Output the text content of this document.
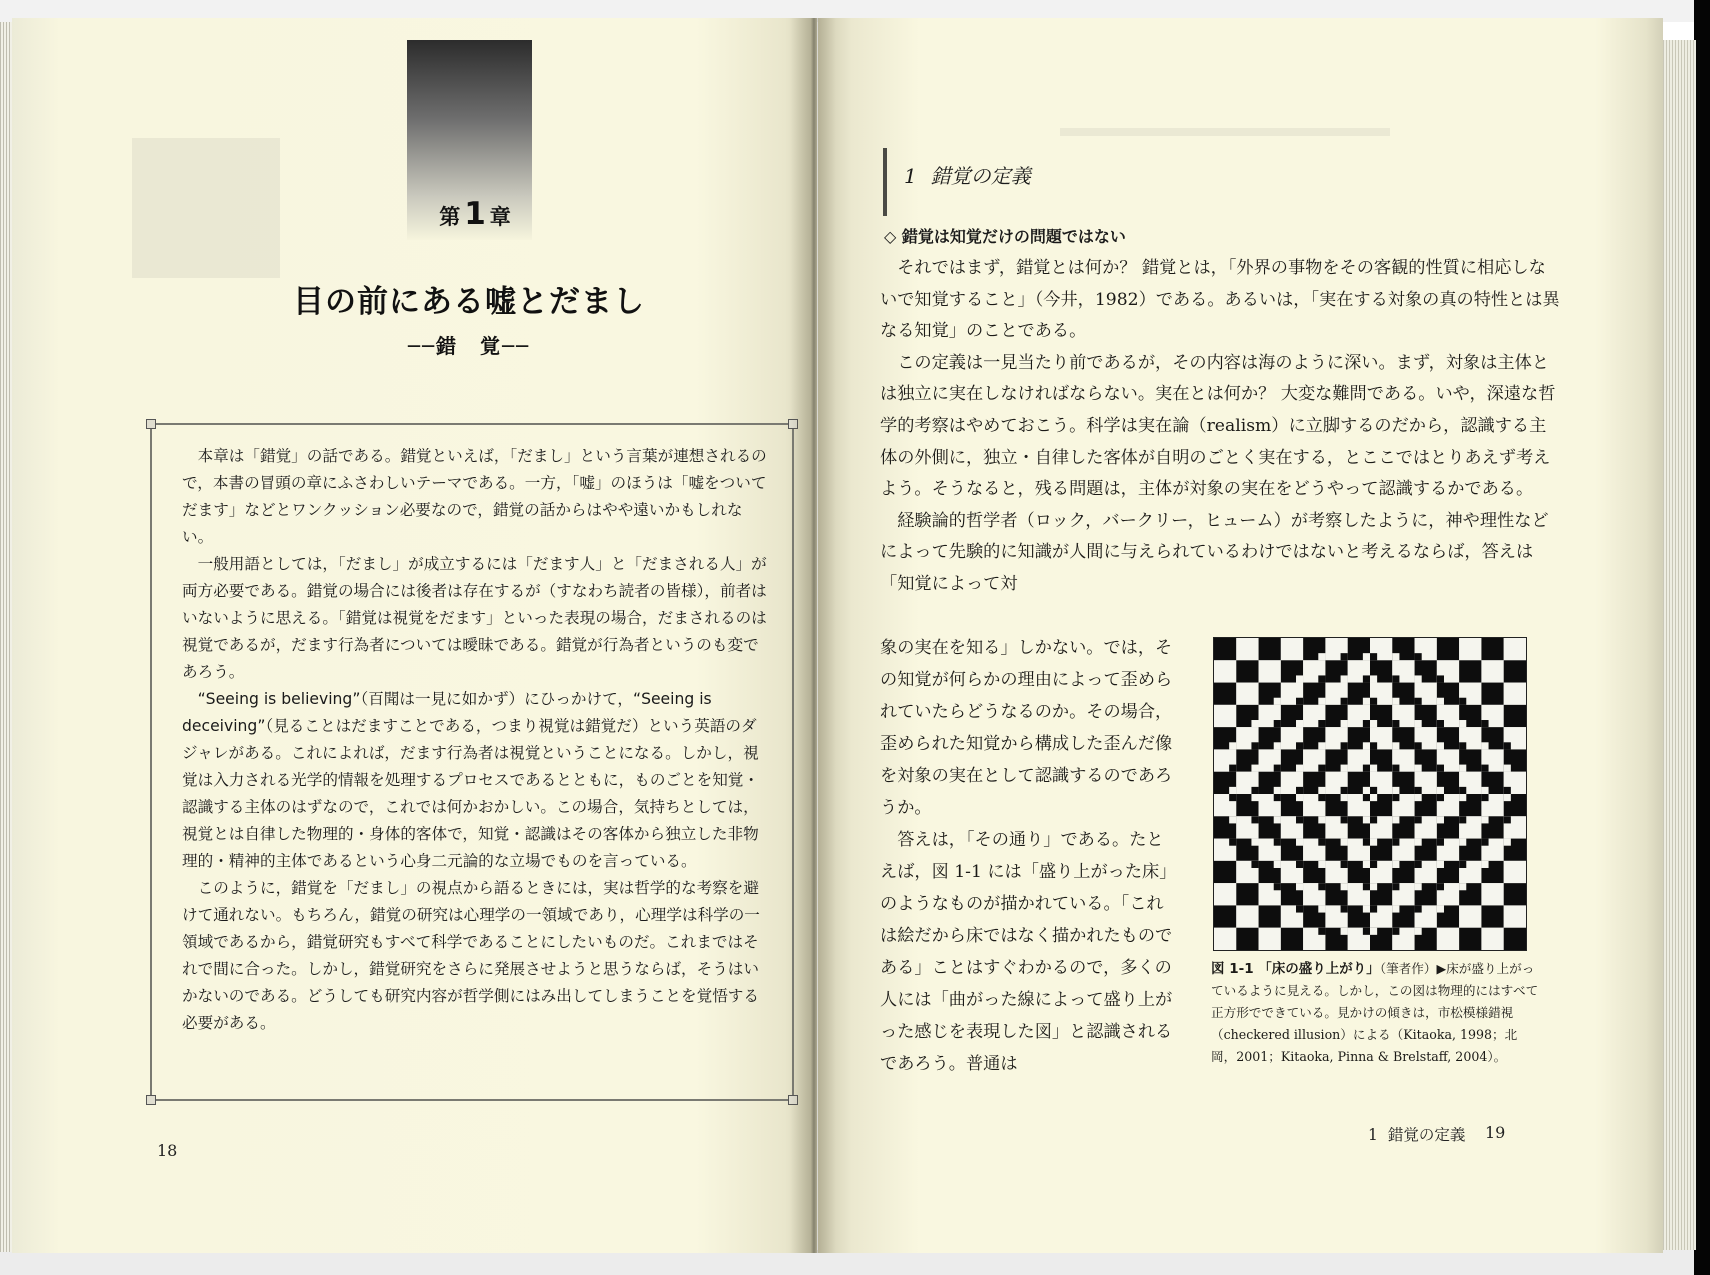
第 1 章
目の前にある嘘とだまし
──錯　覚──

本章は「錯覚」の話である。錯覚といえば，「だまし」という言葉が連想されるので，本書の冒頭の章にふさわしいテーマである。一方，「嘘」のほうは「嘘をついてだます」などとワンクッション必要なので，錯覚の話からはやや遠いかもしれない。

一般用語としては，「だまし」が成立するには「だます人」と「だまされる人」が両方必要である。錯覚の場合には後者は存在するが（すなわち読者の皆様），前者はいないように思える。「錯覚は視覚をだます」といった表現の場合，だまされるのは視覚であるが，だます行為者については曖昧である。錯覚が行為者というのも変であろう。

“Seeing is believing”（百聞は一見に如かず）にひっかけて，“Seeing is deceiving”（見ることはだますことである，つまり視覚は錯覚だ）という英語のダジャレがある。これによれば，だます行為者は視覚ということになる。しかし，視覚は入力される光学的情報を処理するプロセスであるとともに，ものごとを知覚・認識する主体のはずなので，これでは何かおかしい。この場合，気持ちとしては，視覚とは自律した物理的・身体的客体で，知覚・認識はその客体から独立した非物理的・精神的主体であるという心身二元論的な立場でものを言っている。

このように，錯覚を「だまし」の視点から語るときには，実は哲学的な考察を避けて通れない。もちろん，錯覚の研究は心理学の一領域であり，心理学は科学の一領域であるから，錯覚研究もすべて科学であることにしたいものだ。これまではそれで間に合った。しかし，錯覚研究をさらに発展させようと思うならば，そうはいかないのである。どうしても研究内容が哲学側にはみ出してしまうことを覚悟する必要がある。

18
1 錯覚の定義
◇ 錯覚は知覚だけの問題ではない

それではまず，錯覚とは何か？ 錯覚とは，「外界の事物をその客観的性質に相応しないで知覚すること」（今井，1982）である。あるいは，「実在する対象の真の特性とは異なる知覚」のことである。

この定義は一見当たり前であるが，その内容は海のように深い。まず，対象は主体とは独立に実在しなければならない。実在とは何か？ 大変な難問である。いや，深遠な哲学的考察はやめておこう。科学は実在論（realism）に立脚するのだから，認識する主体の外側に，独立・自律した客体が自明のごとく実在する，とここではとりあえず考えよう。そうなると，残る問題は，主体が対象の実在をどうやって認識するかである。

経験論的哲学者（ロック，バークリー，ヒューム）が考察したように，神や理性などによって先験的に知識が人間に与えられているわけではないと考えるならば，答えは「知覚によって対

象の実在を知る」しかない。では，その知覚が何らかの理由によって歪められていたらどうなるのか。その場合，歪められた知覚から構成した歪んだ像を対象の実在として認識するのであろうか。

答えは，「その通り」である。たとえば，図 1-1 には「盛り上がった床」のようなものが描かれている。「これは絵だから床ではなく描かれたものである」ことはすぐわかるので，多くの人には「曲がった線によって盛り上がった感じを表現した図」と認識されるであろう。普通は

図 1-1 「床の盛り上がり」（筆者作）▶床が盛り上がっているように見える。しかし，この図は物理的にはすべて正方形でできている。見かけの傾きは，市松模様錯視（checkered illusion）による（Kitaoka, 1998；北岡，2001；Kitaoka, Pinna & Brelstaff, 2004）。
1 錯覚の定義 19
